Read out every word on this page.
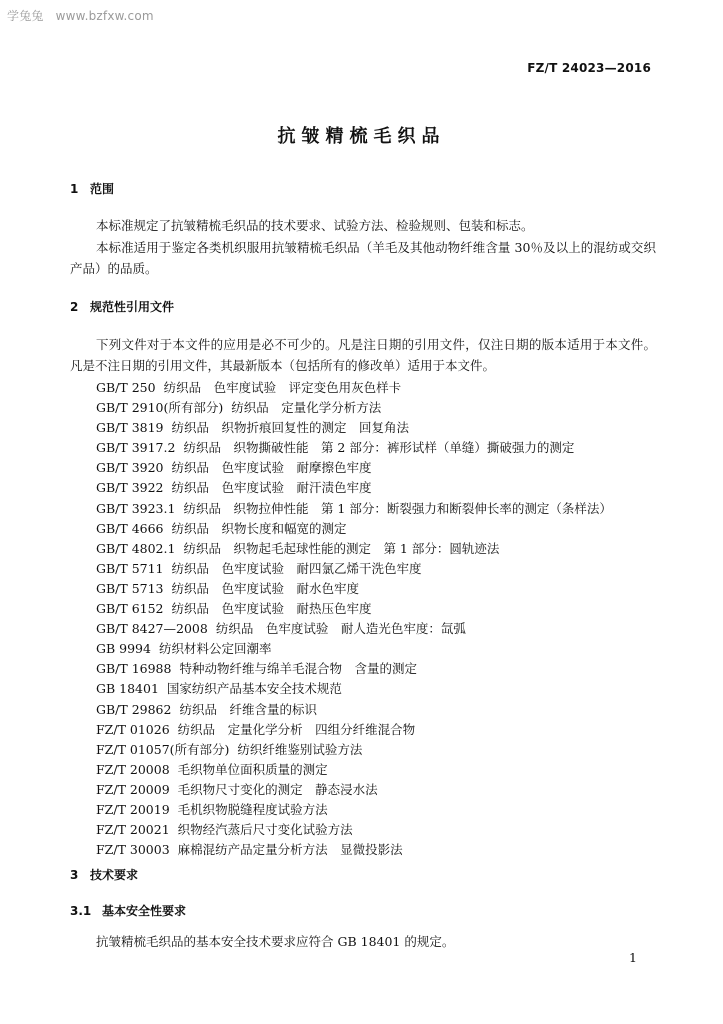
学兔兔 www.bzfxw.com
FZ/T 24023—2016
抗皱精梳毛织品
1 范围

本标准规定了抗皱精梳毛织品的技术要求、试验方法、检验规则、包装和标志。

本标准适用于鉴定各类机织服用抗皱精梳毛织品（羊毛及其他动物纤维含量 30％及以上的混纺或交织产品）的品质。

2 规范性引用文件

下列文件对于本文件的应用是必不可少的。凡是注日期的引用文件，仅注日期的版本适用于本文件。凡是不注日期的引用文件，其最新版本（包括所有的修改单）适用于本文件。

GB/T 250 纺织品　色牢度试验　评定变色用灰色样卡
GB/T 2910(所有部分) 纺织品　定量化学分析方法
GB/T 3819 纺织品　织物折痕回复性的测定　回复角法
GB/T 3917.2 纺织品　织物撕破性能　第 2 部分：裤形试样（单缝）撕破强力的测定
GB/T 3920 纺织品　色牢度试验　耐摩擦色牢度
GB/T 3922 纺织品　色牢度试验　耐汗渍色牢度
GB/T 3923.1 纺织品　织物拉伸性能　第 1 部分：断裂强力和断裂伸长率的测定（条样法）
GB/T 4666 纺织品　织物长度和幅宽的测定
GB/T 4802.1 纺织品　织物起毛起球性能的测定　第 1 部分：圆轨迹法
GB/T 5711 纺织品　色牢度试验　耐四氯乙烯干洗色牢度
GB/T 5713 纺织品　色牢度试验　耐水色牢度
GB/T 6152 纺织品　色牢度试验　耐热压色牢度
GB/T 8427—2008 纺织品　色牢度试验　耐人造光色牢度：氙弧
GB 9994 纺织材料公定回潮率
GB/T 16988 特种动物纤维与绵羊毛混合物　含量的测定
GB 18401 国家纺织产品基本安全技术规范
GB/T 29862 纺织品　纤维含量的标识
FZ/T 01026 纺织品　定量化学分析　四组分纤维混合物
FZ/T 01057(所有部分) 纺织纤维鉴别试验方法
FZ/T 20008 毛织物单位面积质量的测定
FZ/T 20009 毛织物尺寸变化的测定　静态浸水法
FZ/T 20019 毛机织物脱缝程度试验方法
FZ/T 20021 织物经汽蒸后尺寸变化试验方法
FZ/T 30003 麻棉混纺产品定量分析方法　显微投影法
3 技术要求
3.1 基本安全性要求

抗皱精梳毛织品的基本安全技术要求应符合 GB 18401 的规定。

1
